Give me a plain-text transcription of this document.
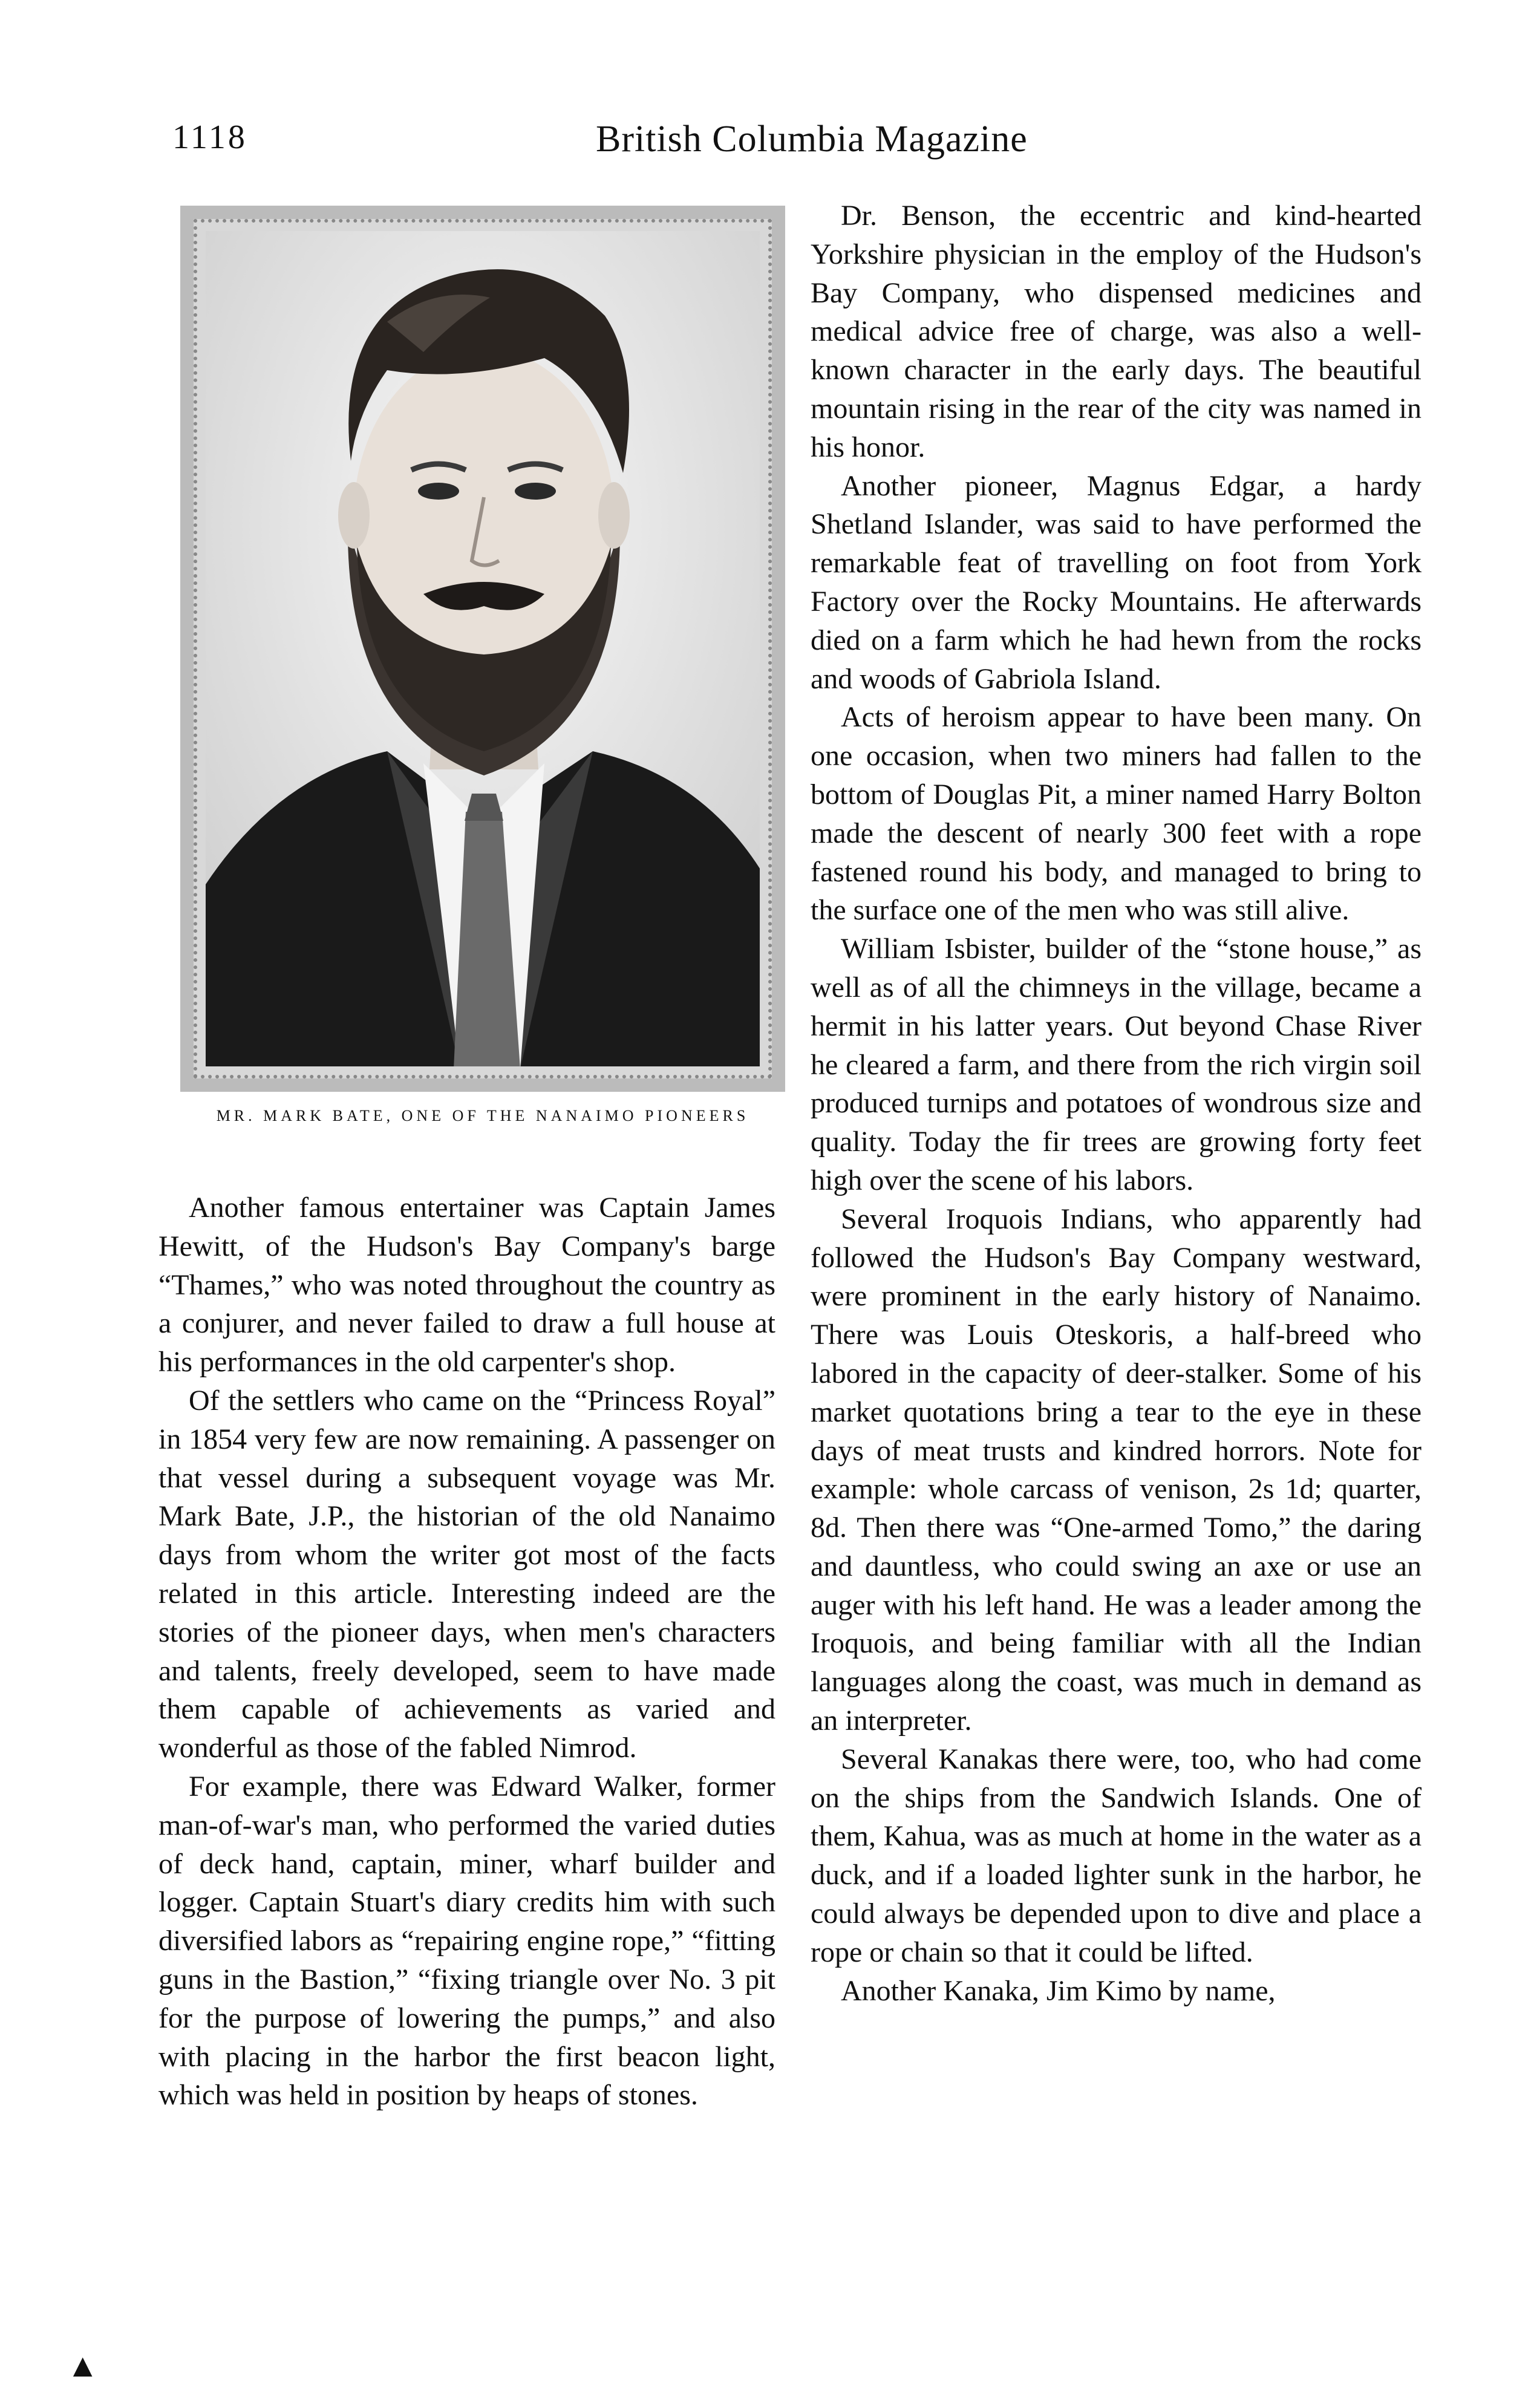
1118	British Columbia Magazine
MR. MARK BATE, ONE OF THE NANAIMO PIONEERS

Another famous entertainer was Captain James Hewitt, of the Hudson's Bay Company's barge “Thames,” who was noted throughout the country as a conjurer, and never failed to draw a full house at his performances in the old carpenter's shop.

Of the settlers who came on the “Princess Royal” in 1854 very few are now remaining. A passenger on that vessel during a subsequent voyage was Mr. Mark Bate, J.P., the historian of the old Nanaimo days from whom the writer got most of the facts related in this article. Interesting indeed are the stories of the pioneer days, when men's characters and talents, freely developed, seem to have made them capable of achievements as varied and wonderful as those of the fabled Nimrod.

For example, there was Edward Walker, former man-of-war's man, who performed the varied duties of deck hand, captain, miner, wharf builder and logger. Captain Stuart's diary credits him with such diversified labors as “repairing engine rope,” “fitting guns in the Bastion,” “fixing triangle over No. 3 pit for the purpose of lowering the pumps,” and also with placing in the harbor the first beacon light, which was held in position by heaps of stones.

Dr. Benson, the eccentric and kind-hearted Yorkshire physician in the employ of the Hudson's Bay Company, who dispensed medicines and medical advice free of charge, was also a well-known character in the early days. The beautiful mountain rising in the rear of the city was named in his honor.

Another pioneer, Magnus Edgar, a hardy Shetland Islander, was said to have performed the remarkable feat of travelling on foot from York Factory over the Rocky Mountains. He afterwards died on a farm which he had hewn from the rocks and woods of Gabriola Island.

Acts of heroism appear to have been many. On one occasion, when two miners had fallen to the bottom of Douglas Pit, a miner named Harry Bolton made the descent of nearly 300 feet with a rope fastened round his body, and managed to bring to the surface one of the men who was still alive.

William Isbister, builder of the “stone house,” as well as of all the chimneys in the village, became a hermit in his latter years. Out beyond Chase River he cleared a farm, and there from the rich virgin soil produced turnips and potatoes of wondrous size and quality. Today the fir trees are growing forty feet high over the scene of his labors.

Several Iroquois Indians, who apparently had followed the Hudson's Bay Company westward, were prominent in the early history of Nanaimo. There was Louis Oteskoris, a half-breed who labored in the capacity of deer-stalker. Some of his market quotations bring a tear to the eye in these days of meat trusts and kindred horrors. Note for example: whole carcass of venison, 2s 1d; quarter, 8d. Then there was “One-armed Tomo,” the daring and dauntless, who could swing an axe or use an auger with his left hand. He was a leader among the Iroquois, and being familiar with all the Indian languages along the coast, was much in demand as an interpreter.

Several Kanakas there were, too, who had come on the ships from the Sandwich Islands. One of them, Kahua, was as much at home in the water as a duck, and if a loaded lighter sunk in the harbor, he could always be depended upon to dive and place a rope or chain so that it could be lifted.

Another Kanaka, Jim Kimo by name,

▲
